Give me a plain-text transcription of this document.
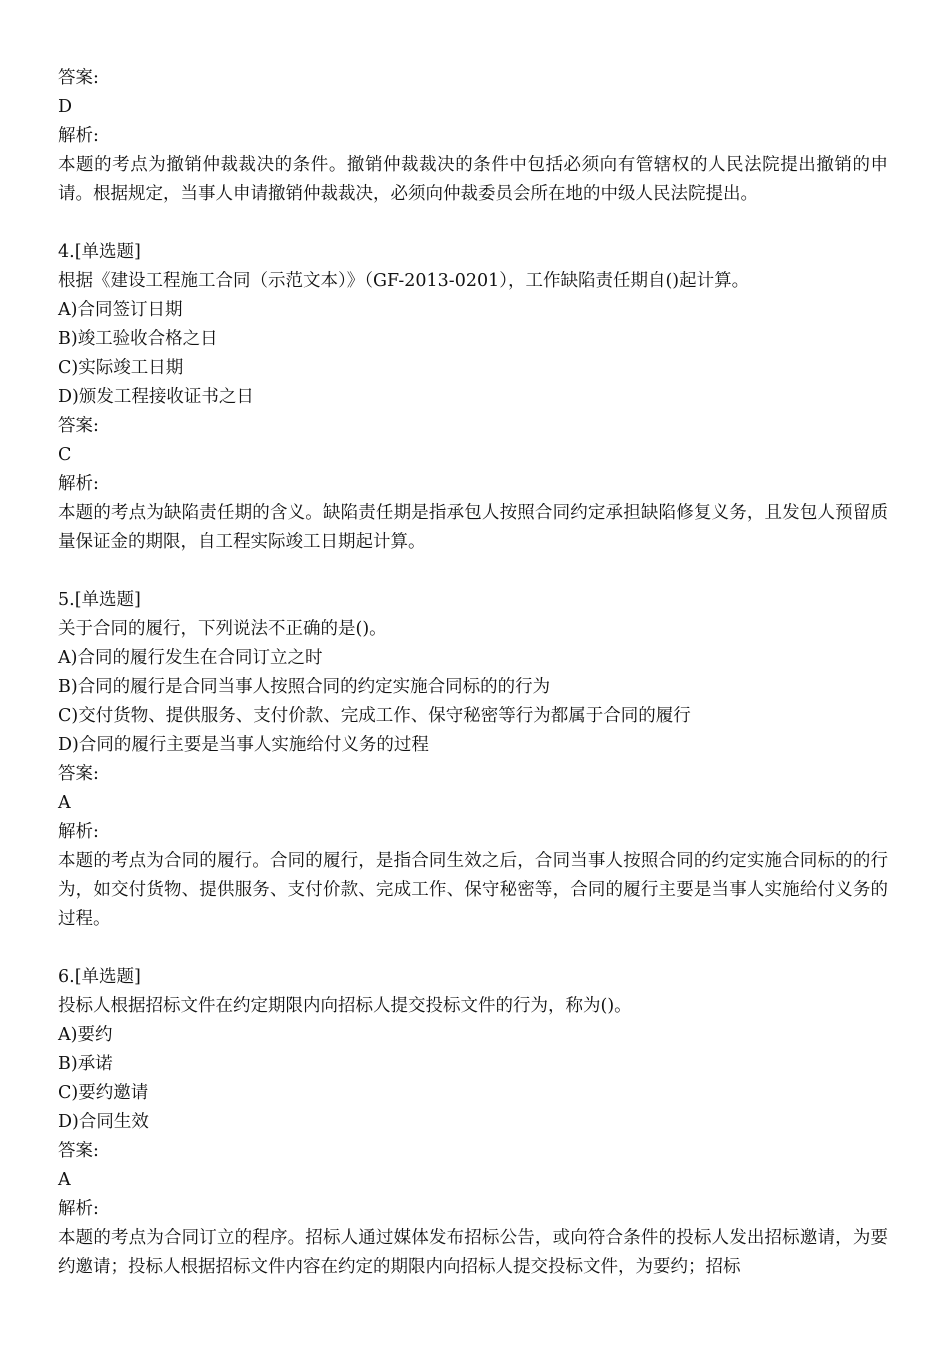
答案:
D
解析:
本题的考点为撤销仲裁裁决的条件。撤销仲裁裁决的条件中包括必须向有管辖权的人民法院提出撤销的申请。根据规定，当事人申请撤销仲裁裁决，必须向仲裁委员会所在地的中级人民法院提出。
4.[单选题]
根据《建设工程施工合同（示范文本）》（GF-2013-0201），工作缺陷责任期自()起计算。
A)合同签订日期
B)竣工验收合格之日
C)实际竣工日期
D)颁发工程接收证书之日
答案:
C
解析:
本题的考点为缺陷责任期的含义。缺陷责任期是指承包人按照合同约定承担缺陷修复义务，且发包人预留质量保证金的期限，自工程实际竣工日期起计算。
5.[单选题]
关于合同的履行，下列说法不正确的是()。
A)合同的履行发生在合同订立之时
B)合同的履行是合同当事人按照合同的约定实施合同标的的行为
C)交付货物、提供服务、支付价款、完成工作、保守秘密等行为都属于合同的履行
D)合同的履行主要是当事人实施给付义务的过程
答案:
A
解析:
本题的考点为合同的履行。合同的履行，是指合同生效之后，合同当事人按照合同的约定实施合同标的的行为，如交付货物、提供服务、支付价款、完成工作、保守秘密等，合同的履行主要是当事人实施给付义务的过程。
6.[单选题]
投标人根据招标文件在约定期限内向招标人提交投标文件的行为，称为()。
A)要约
B)承诺
C)要约邀请
D)合同生效
答案:
A
解析:
本题的考点为合同订立的程序。招标人通过媒体发布招标公告，或向符合条件的投标人发出招标邀请，为要约邀请；投标人根据招标文件内容在约定的期限内向招标人提交投标文件，为要约；招标
